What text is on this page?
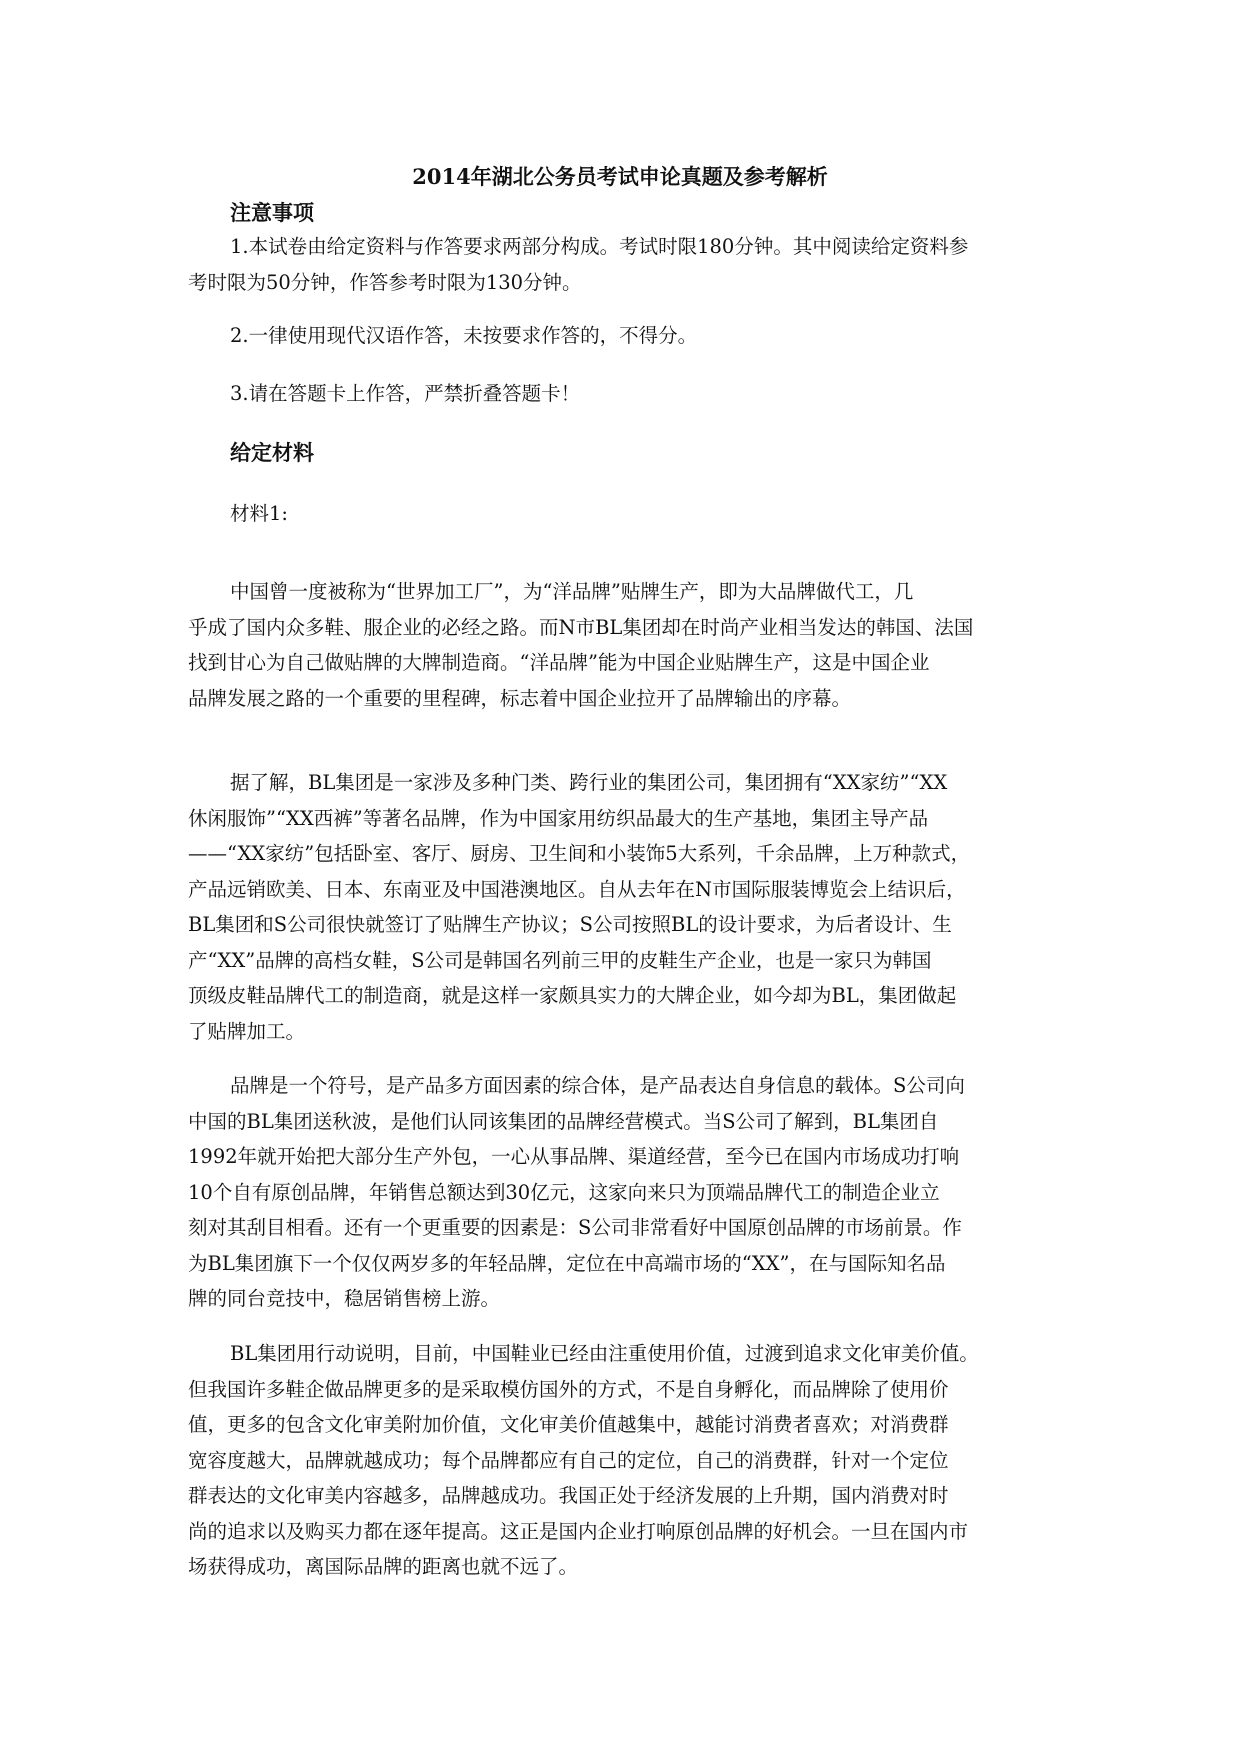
2014年湖北公务员考试申论真题及参考解析
注意事项

1.本试卷由给定资料与作答要求两部分构成。考试时限180分钟。其中阅读给定资料参
考时限为50分钟，作答参考时限为130分钟。

2.一律使用现代汉语作答，未按要求作答的，不得分。

3.请在答题卡上作答，严禁折叠答题卡！

给定材料

材料1:

中国曾一度被称为“世界加工厂”，为“洋品牌”贴牌生产，即为大品牌做代工，几
乎成了国内众多鞋、服企业的必经之路。而N市BL集团却在时尚产业相当发达的韩国、法国
找到甘心为自己做贴牌的大牌制造商。“洋品牌”能为中国企业贴牌生产，这是中国企业
品牌发展之路的一个重要的里程碑，标志着中国企业拉开了品牌输出的序幕。

据了解，BL集团是一家涉及多种门类、跨行业的集团公司，集团拥有“XX家纺”“XX
休闲服饰”“XX西裤”等著名品牌，作为中国家用纺织品最大的生产基地，集团主导产品
——“XX家纺”包括卧室、客厅、厨房、卫生间和小装饰5大系列，千余品牌，上万种款式，
产品远销欧美、日本、东南亚及中国港澳地区。自从去年在N市国际服装博览会上结识后，
BL集团和S公司很快就签订了贴牌生产协议；S公司按照BL的设计要求，为后者设计、生
产“XX”品牌的高档女鞋，S公司是韩国名列前三甲的皮鞋生产企业，也是一家只为韩国
顶级皮鞋品牌代工的制造商，就是这样一家颇具实力的大牌企业，如今却为BL，集团做起
了贴牌加工。

品牌是一个符号，是产品多方面因素的综合体，是产品表达自身信息的载体。S公司向
中国的BL集团送秋波，是他们认同该集团的品牌经营模式。当S公司了解到，BL集团自
1992年就开始把大部分生产外包，一心从事品牌、渠道经营，至今已在国内市场成功打响
10个自有原创品牌，年销售总额达到30亿元，这家向来只为顶端品牌代工的制造企业立
刻对其刮目相看。还有一个更重要的因素是：S公司非常看好中国原创品牌的市场前景。作
为BL集团旗下一个仅仅两岁多的年轻品牌，定位在中高端市场的“XX”，在与国际知名品
牌的同台竞技中，稳居销售榜上游。

BL集团用行动说明，目前，中国鞋业已经由注重使用价值，过渡到追求文化审美价值。
但我国许多鞋企做品牌更多的是采取模仿国外的方式，不是自身孵化，而品牌除了使用价
值，更多的包含文化审美附加价值，文化审美价值越集中，越能讨消费者喜欢；对消费群
宽容度越大，品牌就越成功；每个品牌都应有自己的定位，自己的消费群，针对一个定位
群表达的文化审美内容越多，品牌越成功。我国正处于经济发展的上升期，国内消费对时
尚的追求以及购买力都在逐年提高。这正是国内企业打响原创品牌的好机会。一旦在国内市
场获得成功，离国际品牌的距离也就不远了。
